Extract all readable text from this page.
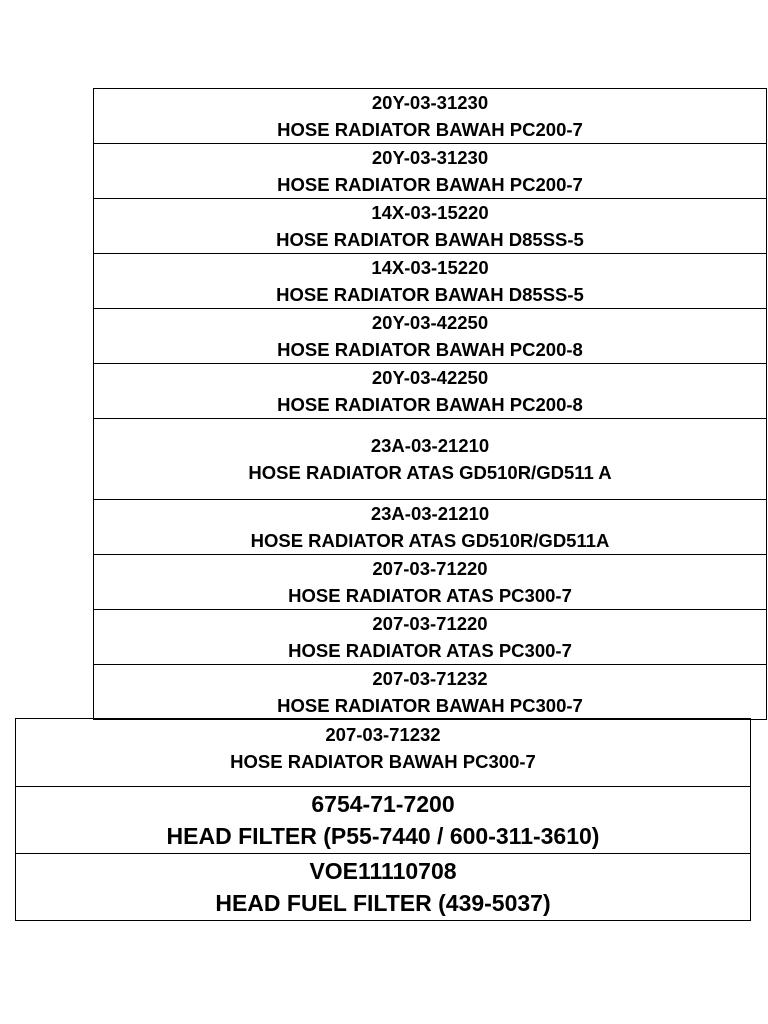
20Y-03-31230
HOSE RADIATOR BAWAH PC200-7
20Y-03-31230
HOSE RADIATOR BAWAH PC200-7
14X-03-15220
HOSE RADIATOR BAWAH D85SS-5
14X-03-15220
HOSE RADIATOR BAWAH D85SS-5
20Y-03-42250
HOSE RADIATOR BAWAH PC200-8
20Y-03-42250
HOSE RADIATOR BAWAH PC200-8
23A-03-21210
HOSE RADIATOR ATAS GD510R/GD511 A
23A-03-21210
HOSE RADIATOR ATAS GD510R/GD511A
207-03-71220
HOSE RADIATOR ATAS PC300-7
207-03-71220
HOSE RADIATOR ATAS PC300-7
207-03-71232
HOSE RADIATOR BAWAH PC300-7
207-03-71232
HOSE RADIATOR BAWAH PC300-7
6754-71-7200
HEAD FILTER (P55-7440 / 600-311-3610)
VOE11110708
HEAD FUEL FILTER (439-5037)
